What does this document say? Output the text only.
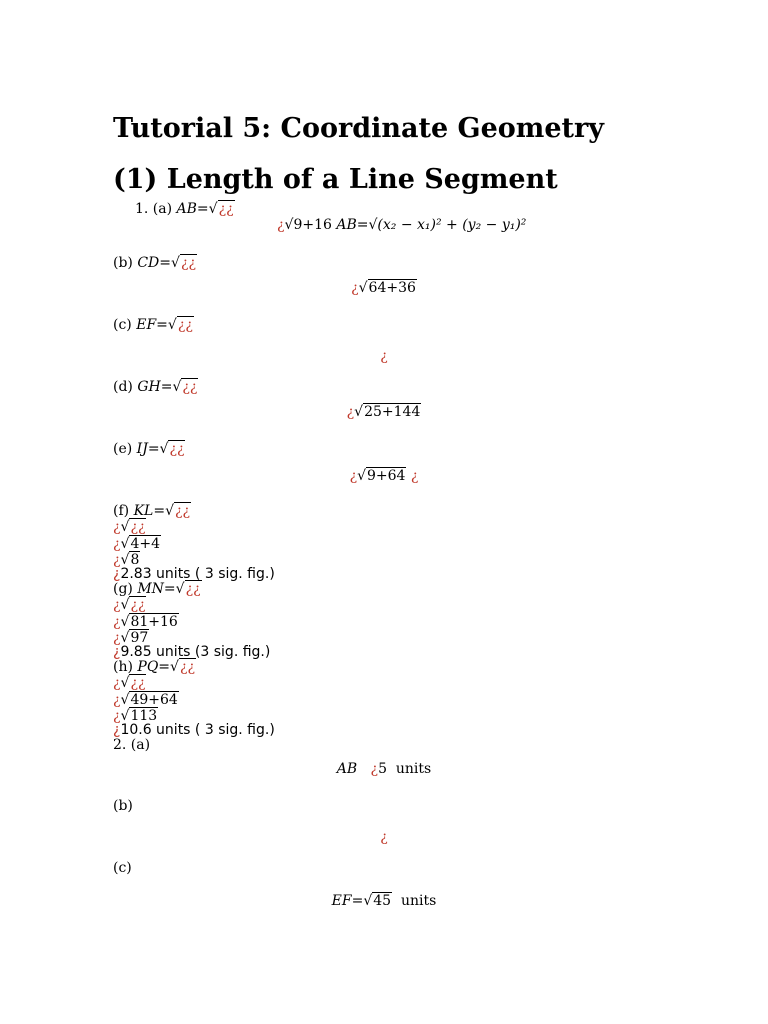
Tutorial 5: Coordinate Geometry
(1) Length of a Line Segment
1. (a) AB=√¿¿
¿√9+16 AB=√(x₂ − x₁)² + (y₂ − y₁)²
(b) CD=√¿¿
¿√64+36
(c) EF=√¿¿
¿
(d) GH=√¿¿
¿√25+144
(e) IJ=√¿¿
¿√9+64 ¿
(f) KL=√¿¿
¿√¿¿
¿√4+4
¿√8
¿2.83 units ( 3 sig. fig.)
(g) MN=√¿¿
¿√¿¿
¿√81+16
¿√97
¿9.85 units (3 sig. fig.)
(h) PQ=√¿¿
¿√¿¿
¿√49+64
¿√113
¿10.6 units ( 3 sig. fig.)
2. (a)
AB ¿5 units
(b)
¿
(c)
EF=√45 units
